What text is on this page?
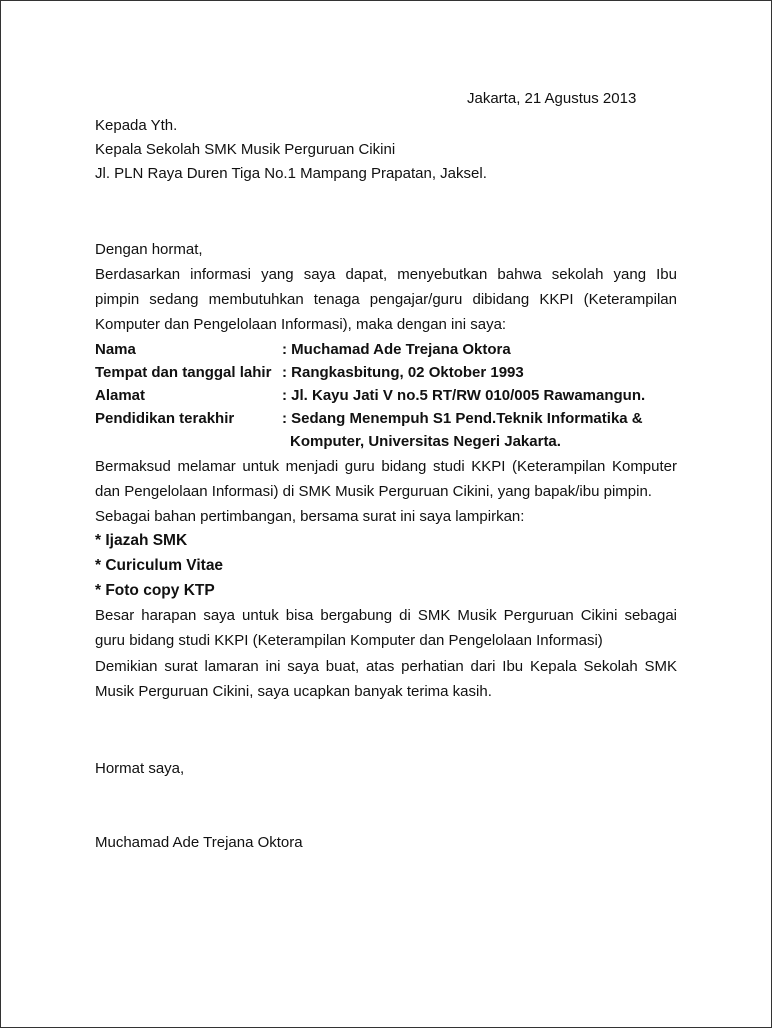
Jakarta, 21 Agustus 2013
Kepada Yth.
Kepala Sekolah SMK Musik Perguruan Cikini
Jl. PLN Raya Duren Tiga No.1 Mampang Prapatan, Jaksel.
Dengan hormat,
Berdasarkan informasi yang saya dapat, menyebutkan bahwa sekolah yang Ibu
pimpin sedang membutuhkan tenaga pengajar/guru dibidang KKPI (Keterampilan
Komputer dan Pengelolaan Informasi), maka dengan ini saya:
Nama	: Muchamad Ade Trejana Oktora
Tempat dan tanggal lahir : Rangkasbitung, 02 Oktober 1993
Alamat	: Jl. Kayu Jati V no.5 RT/RW 010/005 Rawamangun.
Pendidikan terakhir	: Sedang Menempuh S1 Pend.Teknik Informatika &
Komputer, Universitas Negeri Jakarta.
Bermaksud melamar untuk menjadi guru bidang studi KKPI (Keterampilan Komputer
dan Pengelolaan Informasi) di SMK Musik Perguruan Cikini, yang bapak/ibu pimpin.
Sebagai bahan pertimbangan, bersama surat ini saya lampirkan:
* Ijazah SMK
* Curiculum Vitae
* Foto copy KTP
Besar harapan saya untuk bisa bergabung di SMK Musik Perguruan Cikini sebagai
guru bidang studi KKPI (Keterampilan Komputer dan Pengelolaan Informasi)
Demikian surat lamaran ini saya buat, atas perhatian dari Ibu Kepala Sekolah SMK
Musik Perguruan Cikini, saya ucapkan banyak terima kasih.
Hormat saya,
Muchamad Ade Trejana Oktora
